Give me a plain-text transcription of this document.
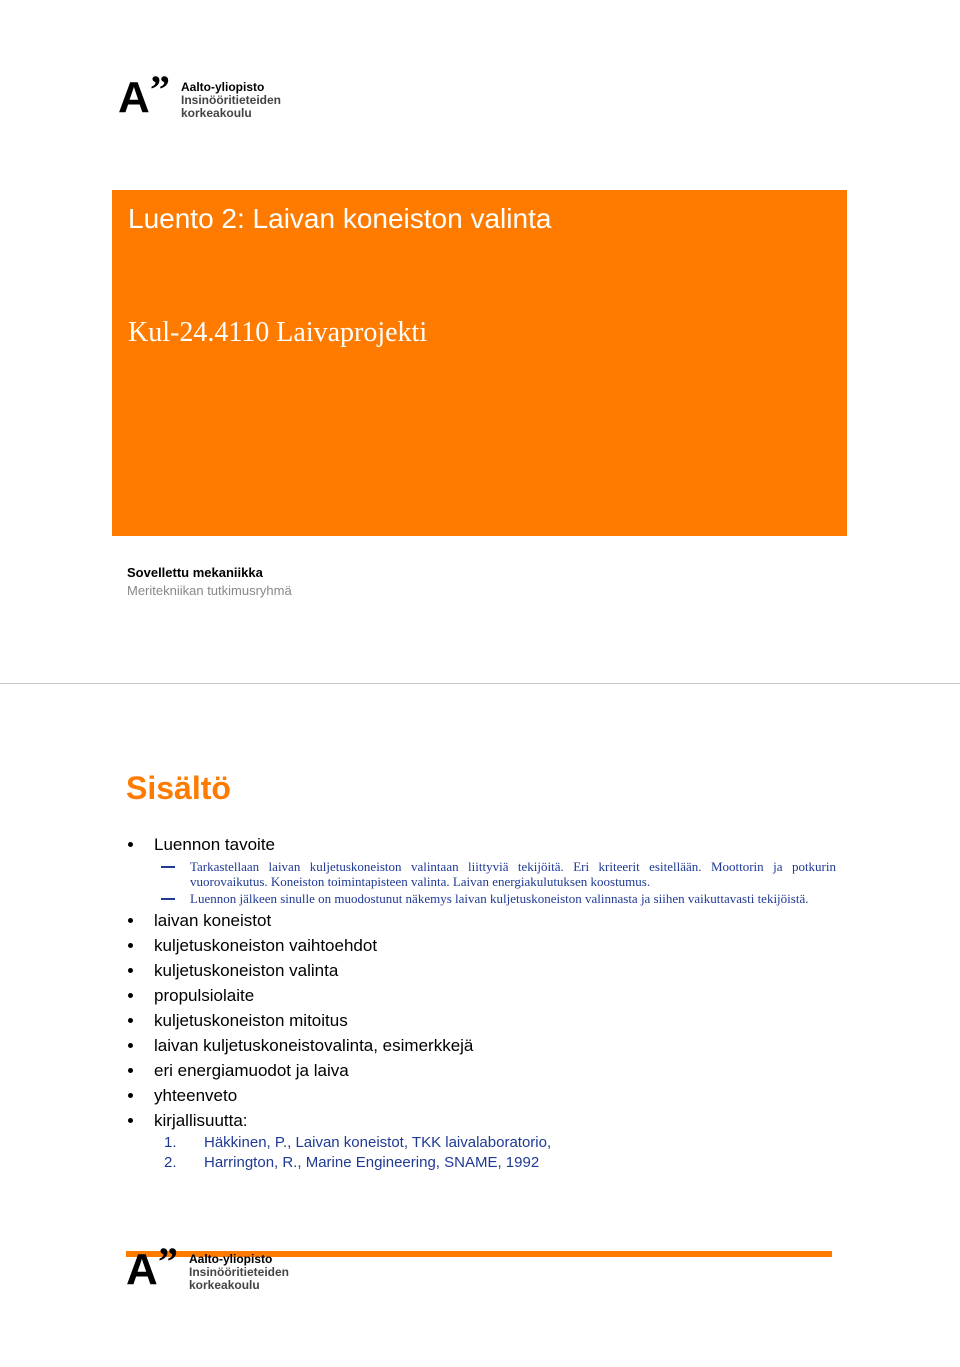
A ” Aalto-yliopisto
Insinööritieteiden
korkeakoulu
Luento 2: Laivan koneiston valinta
Kul-24.4110 Laivaprojekti
Sovellettu mekaniikka
Meritekniikan tutkimusryhmä
Sisältö
Luennon tavoite
Tarkastellaan laivan kuljetuskoneiston valintaan liittyviä tekijöitä. Eri kriteerit esitellään. Moottorin ja potkurin vuorovaikutus. Koneiston toimintapisteen valinta. Laivan energiakulutuksen koostumus.
Luennon jälkeen sinulle on muodostunut näkemys laivan kuljetuskoneiston valinnasta ja siihen vaikuttavasti tekijöistä.
laivan koneistot
kuljetuskoneiston vaihtoehdot
kuljetuskoneiston valinta
propulsiolaite
kuljetuskoneiston mitoitus
laivan kuljetuskoneistovalinta, esimerkkejä
eri energiamuodot ja laiva
yhteenveto
kirjallisuutta:
1. Häkkinen, P., Laivan koneistot, TKK laivalaboratorio,
2. Harrington, R., Marine Engineering, SNAME, 1992
A ” Aalto-yliopisto
Insinööritieteiden
korkeakoulu
